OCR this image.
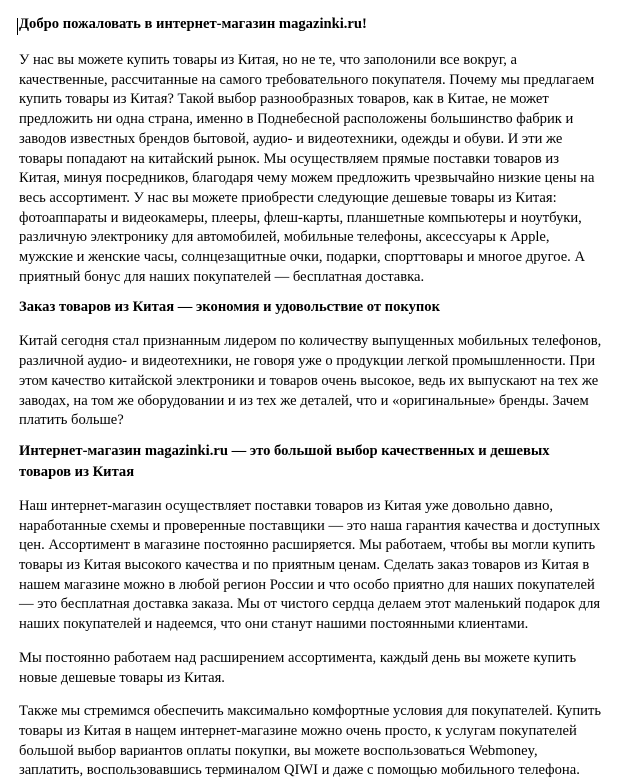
Добро пожаловать в интернет-магазин magazinki.ru!

У нас вы можете купить товары из Китая, но не те, что заполонили все вокруг, а качественные, рассчитанные на самого требовательного покупателя. Почему мы предлагаем купить товары из Китая? Такой выбор разнообразных товаров, как в Китае, не может предложить ни одна страна, именно в Поднебесной расположены большинство фабрик и заводов известных брендов бытовой, аудио- и видеотехники, одежды и обуви. И эти же товары попадают на китайский рынок. Мы осуществляем прямые поставки товаров из Китая, минуя посредников, благодаря чему можем предложить чрезвычайно низкие цены на весь ассортимент. У нас вы можете приобрести следующие дешевые товары из Китая: фотоаппараты и видеокамеры, плееры, флеш-карты, планшетные компьютеры и ноутбуки, различную электронику для автомобилей, мобильные телефоны, аксессуары к Apple, мужские и женские часы, солнцезащитные очки, подарки, спорттовары и многое другое. А приятный бонус для наших покупателей — бесплатная доставка.

Заказ товаров из Китая — экономия и удовольствие от покупок

Китай сегодня стал признанным лидером по количеству выпущенных мобильных телефонов, различной аудио- и видеотехники, не говоря уже о продукции легкой промышленности. При этом качество китайской электроники и товаров очень высокое, ведь их выпускают на тех же заводах, на том же оборудовании и из тех же деталей, что и «оригинальные» бренды. Зачем платить больше?

Интернет-магазин magazinki.ru — это большой выбор качественных и дешевых товаров из Китая

Наш интернет-магазин осуществляет поставки товаров из Китая уже довольно давно, наработанные схемы и проверенные поставщики — это наша гарантия качества и доступных цен. Ассортимент в магазине постоянно расширяется. Мы работаем, чтобы вы могли купить товары из Китая высокого качества и по приятным ценам. Сделать заказ товаров из Китая в нашем магазине можно в любой регион России и что особо приятно для наших покупателей — это бесплатная доставка заказа. Мы от чистого сердца делаем этот маленький подарок для наших покупателей и надеемся, что они станут нашими постоянными клиентами.

Мы постоянно работаем над расширением ассортимента, каждый день вы можете купить новые дешевые товары из Китая.

Также мы стремимся обеспечить максимально комфортные условия для покупателей. Купить товары из Китая в нащем интернет-магазине можно очень просто, к услугам покупателей большой выбор вариантов оплаты покупки, вы можете воспользоваться Webmoney, заплатить, воспользовавшись терминалом QIWI и даже с помощью мобильного телефона.
